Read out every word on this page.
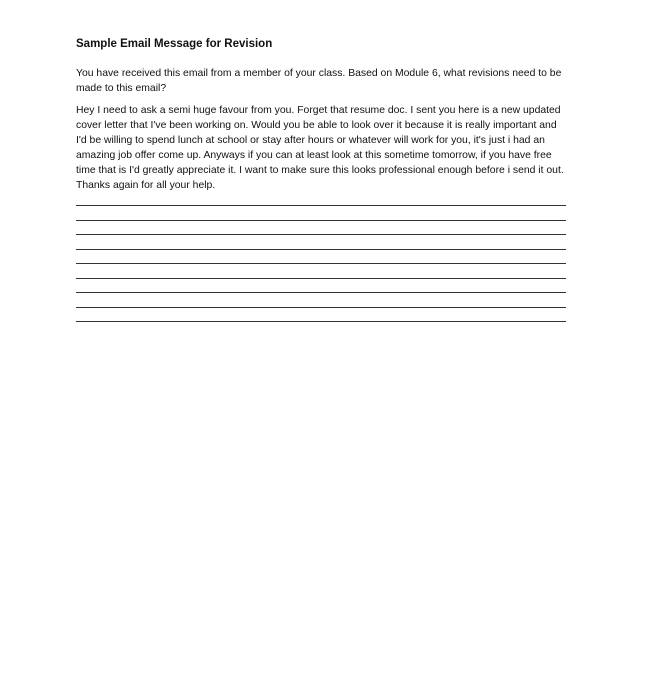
Sample Email Message for Revision
You have received this email from a member of your class. Based on Module 6, what revisions need to be made to this email?
Hey I need to ask a semi huge favour from you. Forget that resume doc. I sent you here is a new updated cover letter that I've been working on. Would you be able to look over it because it is really important and I'd be willing to spend lunch at school or stay after hours or whatever will work for you, it's just i had an amazing job offer come up. Anyways if you can at least look at this sometime tomorrow, if you have free time that is I'd greatly appreciate it. I want to make sure this looks professional enough before i send it out. Thanks again for all your help.
